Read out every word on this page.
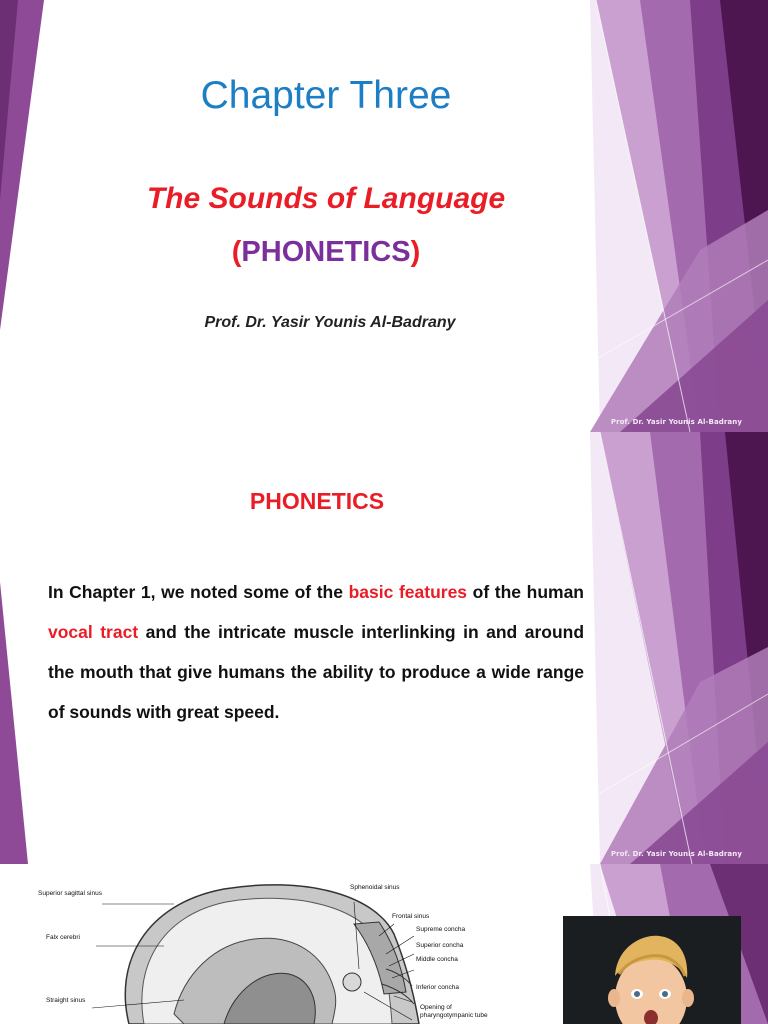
Chapter Three
The Sounds of Language
(PHONETICS)
Prof. Dr. Yasir Younis Al-Badrany
Prof. Dr. Yasir Younis Al-Badrany
PHONETICS
In Chapter 1, we noted some of the basic features of the human vocal tract and the intricate muscle interlinking in and around the mouth that give humans the ability to produce a wide range of sounds with great speed.
Prof. Dr. Yasir Younis Al-Badrany
Superior sagittal sinus
Falx cerebri
Straight sinus
Sphenoidal sinus
Frontal sinus
Supreme concha
Superior concha
Middle concha
Inferior concha
Opening of
pharyngotympanic tube
